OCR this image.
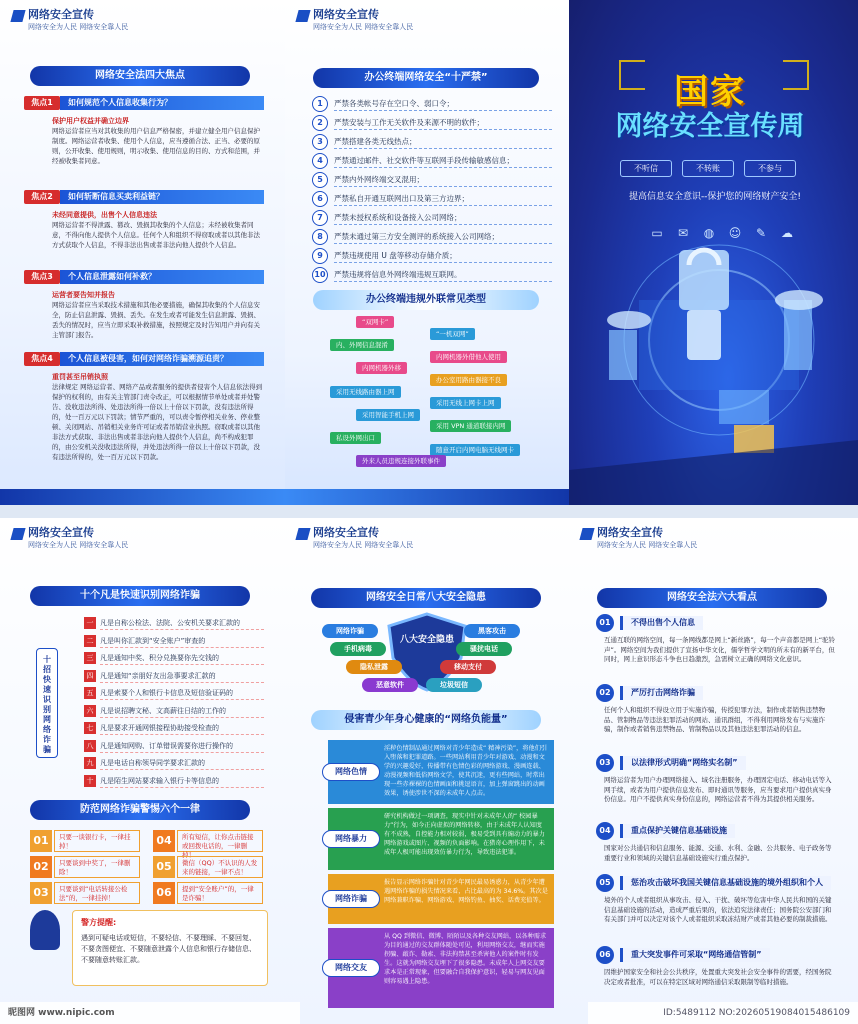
网络安全宣传
网络安全为人民 网络安全靠人民
网络安全法四大焦点
焦点1	如何规范个人信息收集行为？
保护用户权益并确立边界
网络运营者应当对其收集的用户信息严格保密，并建立健全用户信息保护制度。网络运营者收集、使用个人信息，应当遵循合法、正当、必要的原则，公开收集、使用规则，明示收集、使用信息的目的、方式和范围，并经被收集者同意。
焦点2	如何斩断信息买卖利益链？
未经同意提供，出售个人信息违法
网络运营者不得泄露、篡改、毁损其收集的个人信息；未经被收集者同意，不得向他人提供个人信息。任何个人和组织不得窃取或者以其他非法方式获取个人信息，不得非法出售或者非法向他人提供个人信息。
焦点3	个人信息泄露如何补救？
运营者要告知并报告
网络运营者应当采取技术措施和其他必要措施，确保其收集的个人信息安全，防止信息泄露、毁损、丢失。在发生或者可能发生信息泄露、毁损、丢失的情况时，应当立即采取补救措施，按照规定及时告知用户并向有关主管部门报告。
焦点4	个人信息被侵害，如何对网络诈骗溯源追责？
重罚甚至吊销执照
法律规定 网络运营者、网络产品或者服务的提供者侵害个人信息依法得到保护的权利的，由有关主管部门责令改正，可以根据情节单处或者并处警告、没收违法所得、处违法所得一倍以上十倍以下罚款，没有违法所得的，处一百万元以下罚款；情节严重的，可以责令暂停相关业务、停业整顿、关闭网站、吊销相关业务许可证或者吊销营业执照。窃取或者以其他非法方式获取、非法出售或者非法向他人提供个人信息，尚不构成犯罪的，由公安机关没收违法所得，并处违法所得一倍以上十倍以下罚款，没有违法所得的，处一百万元以下罚款。
网络安全宣传
网络安全为人民 网络安全靠人民
办公终端网络安全“十严禁”
办公终端违规外联常见类型
1	严禁各类帐号存在空口令、弱口令；
2	严禁安装与工作无关软件及来源不明的软件；
3	严禁搭建各类无线热点；
4	严禁通过邮件、社交软件等互联网手段传输敏感信息；
5	严禁内外网终端交叉混用；
6	严禁私自开通互联网出口及第三方边界；
7	严禁未授权系统和设备接入公司网络；
8	严禁未通过第三方安全测评的系统接入公司网络；
9	严禁违规使用 U 盘等移动存储介质；
10	严禁违规将信息外网终端违规互联网。
“双网卡”
“一机双网”
内、外网信息混淆
内网机器外借他人使用
内网机器外移
办公室用路由器接不良
采用无线路由器上网
采用无线上网卡上网
采用智能手机上网
采用 VPN 通道联接内网
私设外网出口
随意开启内网电脑无线网卡
外来人员违规连接外联事件
国家
网络安全宣传周
不听信	不转账	不参与
提高信息安全意识--保护您的网络财产安全!
▭	✉	◍	☺	✎	☁
网络安全宣传
网络安全为人民 网络安全靠人民
十个凡是快速识别网络诈骗
十招快速识别网络诈骗
防范网络诈骗警惕六个一律
警方提醒:
遇到可疑电话或短信，不要轻信、不要理睬、不要回复、不要贪图便宜、不要随意泄露个人信息和银行存储信息、不要随意转账汇款。
网络安全宣传
网络安全为人民 网络安全靠人民
网络安全日常八大安全隐患
八大安全隐患
侵害青少年身心健康的“网络负能量”
网络安全宣传
网络安全为人民 网络安全靠人民
网络安全法六大看点
一 凡是自称公检法、法院、公安机关要求汇款的
二 凡是叫你汇款到“安全账户”审查的
三 凡是通知中奖、积分兑换要你先交钱的
四 凡是通知“亲朋好友出急事要求汇款的
五 凡是索要个人和银行卡信息及短信验证码的
六 凡是说招聘文秘、文高薪往日结的工作的
七 凡是要求开通网银接程协助接受检查的
八 凡是通知网购、订单错误需要你进行操作的
九 凡是电话自称领导同学要求汇款的
十 凡是陌生网站要求输入银行卡等信息的
01	只要一谈银行卡，一律挂掉！
02	只要谈到中奖了，一律删除！
03	只要谈到“电话转接公检法”的，一律挂掉！
04	所有短信，让你点击链接或回拨电话的，一律删掉！
05	微信（QQ）不认识的人发来的链接，一律不点！
06	提到“安全账户”的，一律是诈骗！
网络诈骗
手机病毒
隐私泄露
恶意软件
黑客攻击
骚扰电话
移动支付
垃圾短信
淫秽色情制品通过网络对青少年造成“ 精神污染”，将他们引入堕落和犯罪道路。一些网站利用青少年对游戏、动漫和文学的兴趣爱好，传播带有色情色彩的网络游戏、漫画连载、动漫视频和低俗网络文学，使其沉迷，更有些网站，时常出现一些赤裸裸的色情画面和挑逗语言，加上弹窗跳出的动画效果，诱使涉世不深的未成年人点击。
网络色情
研究机构做过一项调查，现实中针对未成年人的“ 校园暴力”行为，如今正向虚拟的网络转移，由于未成年人认知度有不成熟，自控能力相对较弱，极易受到具有煽动力的暴力网络游戏或图片、视频的负面影响。在猎奇心理作用下，未成年人极可能出现效仿暴力行为，导致违法犯罪。
网络暴力
报告显示网络诈骗针对青少年网民最易诱惑力，从青少年遭遇网络诈骗的损失情况来看，占比最高的为 34.6%。其次是网络兼职诈骗、网络游戏、网络钓鱼、抽奖、话费充值等。
网络诈骗
从 QQ 到微信、微博、陌陌以及各种交友网站，以各种需求为目的通过的交友群体随处可见，利用网络交友，继而实施拐骗、敲诈、勒索、非法拘禁甚至杀害他人的案件时有发生。这就为网络交友埋下了很多隐患。未成年人上网交友要求本是正常现象，但要融合自我保护意识，轻易与网友见面则容易遇上隐患。
网络交友
01	不得出售个人信息
互通互联的网络空间，每一条网线都是网上“新丝路”，每一个声音都是网上“驼铃声”。网络空间为我们提供了宣扬中华文化，儒学哲学文明的所未有的新平台，但同时，网上意识形态斗争也日趋激烈，急需树立正确的网络文化意识。
02	严厉打击网络诈骗
任何个人和组织不得设立用于实施诈骗，传授犯罪方法，制作或者销售违禁物品、管制物品等违法犯罪活动的网站、通讯群组，不得利用网络发布与实施诈骗，制作或者销售违禁物品、管制物品以及其他违法犯罪活动的信息。
03	以法律形式明确“网络实名制”
网络运营者为用户办理网络接入、域名注册服务，办理固定电话、移动电话等入网手续，或者为用户提供信息发布、即时通讯等服务，应当要求用户提供真实身份信息。用户不提供真实身份信息的，网络运营者不得为其提供相关服务。
04	重点保护关键信息基础设施
国家对公共通信和信息服务、能源、交通、水利、金融、公共服务、电子政务等重要行业和领域的关键信息基础设施实行重点保护。
05	惩治攻击破坏我国关键信息基础设施的境外组织和个人
境外的个人或者组织从事攻击、侵入、干扰、破坏等危害中华人民共和国的关键信息基础设施的活动，造成严重后果的，依法追究法律责任；国务院公安部门和有关部门并可以决定对该个人或者组织采取冻结财产或者其他必要的制裁措施。
06	重大突发事件可采取“网络通信管制”
因维护国家安全和社会公共秩序，处置重大突发社会安全事件的需要，经国务院决定或者批准，可以在特定区域对网络通信采取限制等临时措施。
昵图网 www.nipic.com	ID:5489112 NO:20260519084015486109
